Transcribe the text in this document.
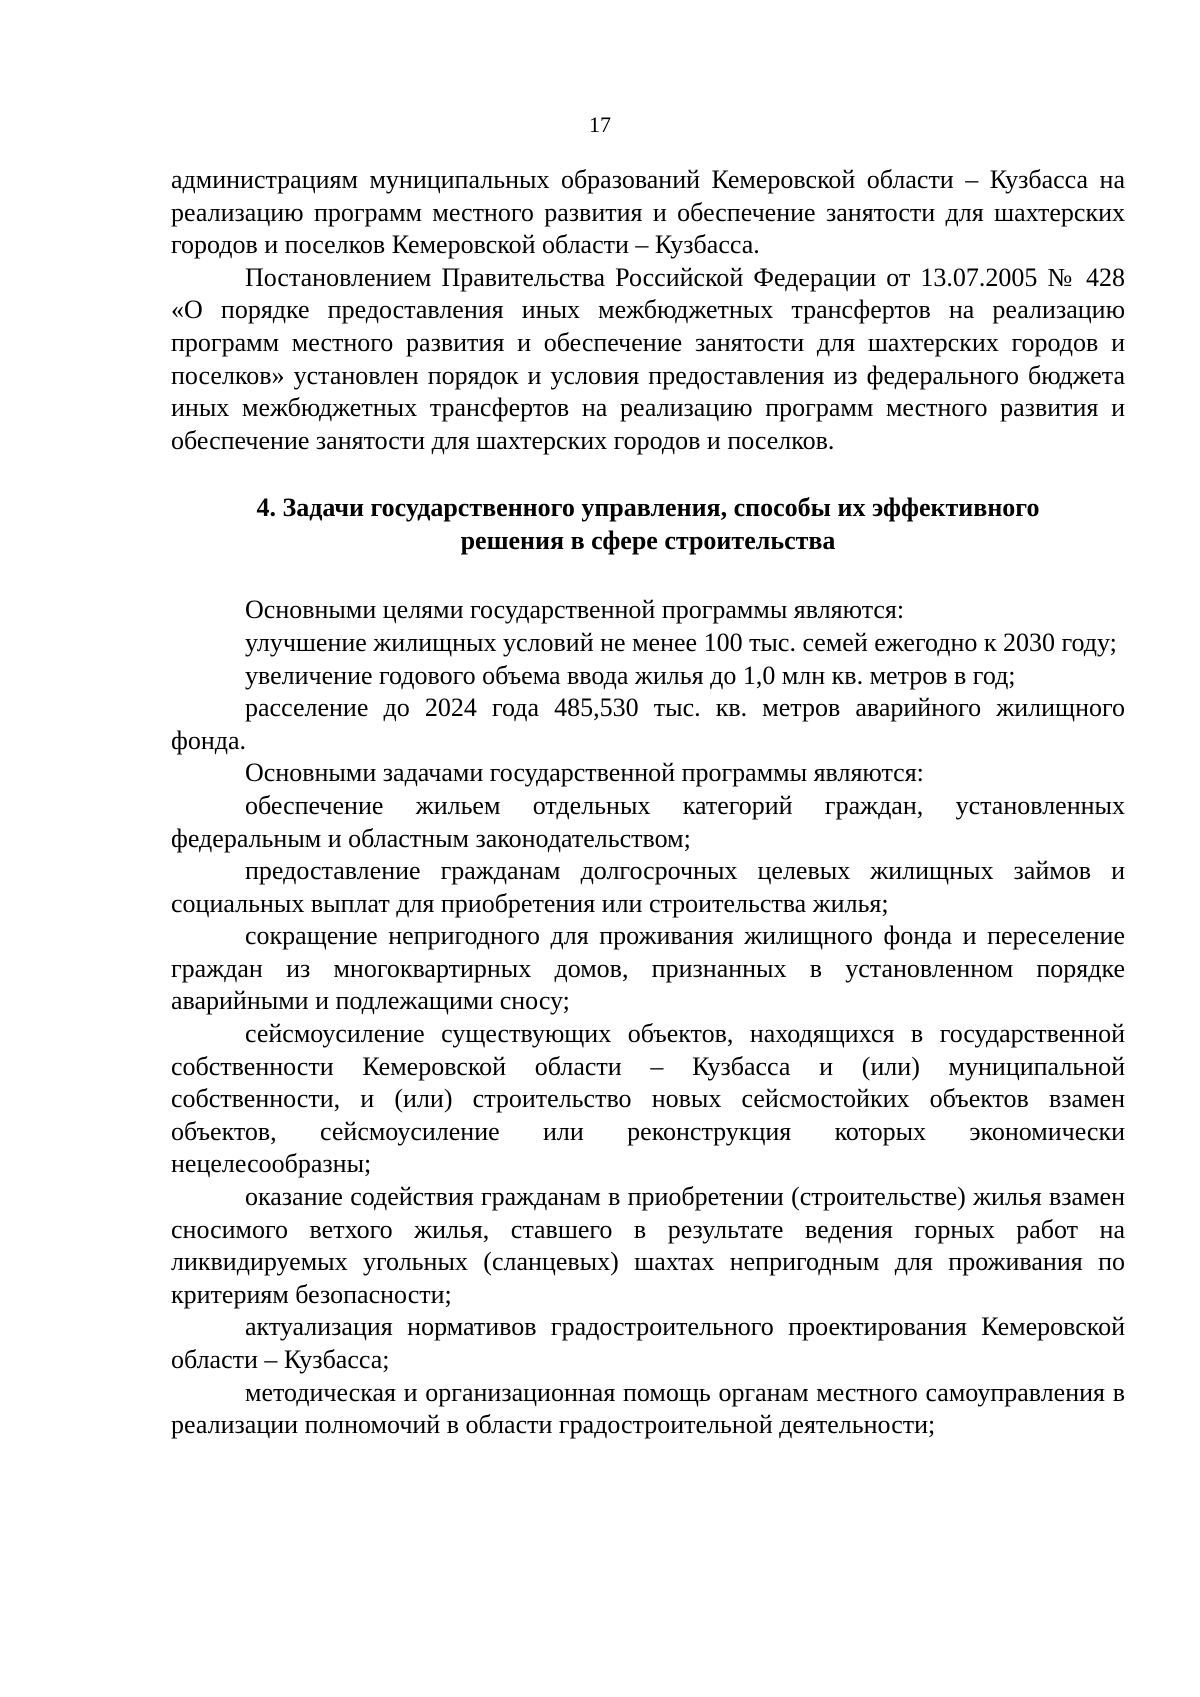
17

администрациям муниципальных образований Кемеровской области – Кузбасса на реализацию программ местного развития и обеспечение занятости для шахтерских городов и поселков Кемеровской области – Кузбасса.

Постановлением Правительства Российской Федерации от 13.07.2005 № 428 «О порядке предоставления иных межбюджетных трансфертов на реализацию программ местного развития и обеспечение занятости для шахтерских городов и поселков» установлен порядок и условия предоставления из федерального бюджета иных межбюджетных трансфертов на реализацию программ местного развития и обеспечение занятости для шахтерских городов и поселков.

4. Задачи государственного управления, способы их эффективного
решения в сфере строительства

Основными целями государственной программы являются:

улучшение жилищных условий не менее 100 тыс. семей ежегодно к 2030 году;

увеличение годового объема ввода жилья до 1,0 млн кв. метров в год;

расселение до 2024 года 485,530 тыс. кв. метров аварийного жилищного фонда.

Основными задачами государственной программы являются:

обеспечение жильем отдельных категорий граждан, установленных федеральным и областным законодательством;

предоставление гражданам долгосрочных целевых жилищных займов и социальных выплат для приобретения или строительства жилья;

сокращение непригодного для проживания жилищного фонда и переселение граждан из многоквартирных домов, признанных в установленном порядке аварийными и подлежащими сносу;

сейсмоусиление существующих объектов, находящихся в государственной собственности Кемеровской области – Кузбасса и (или) муниципальной собственности, и (или) строительство новых сейсмостойких объектов взамен объектов, сейсмоусиление или реконструкция которых экономически нецелесообразны;

оказание содействия гражданам в приобретении (строительстве) жилья взамен сносимого ветхого жилья, ставшего в результате ведения горных работ на ликвидируемых угольных (сланцевых) шахтах непригодным для проживания по критериям безопасности;

актуализация нормативов градостроительного проектирования Кемеровской области – Кузбасса;

методическая и организационная помощь органам местного самоуправления в реализации полномочий в области градостроительной деятельности;
